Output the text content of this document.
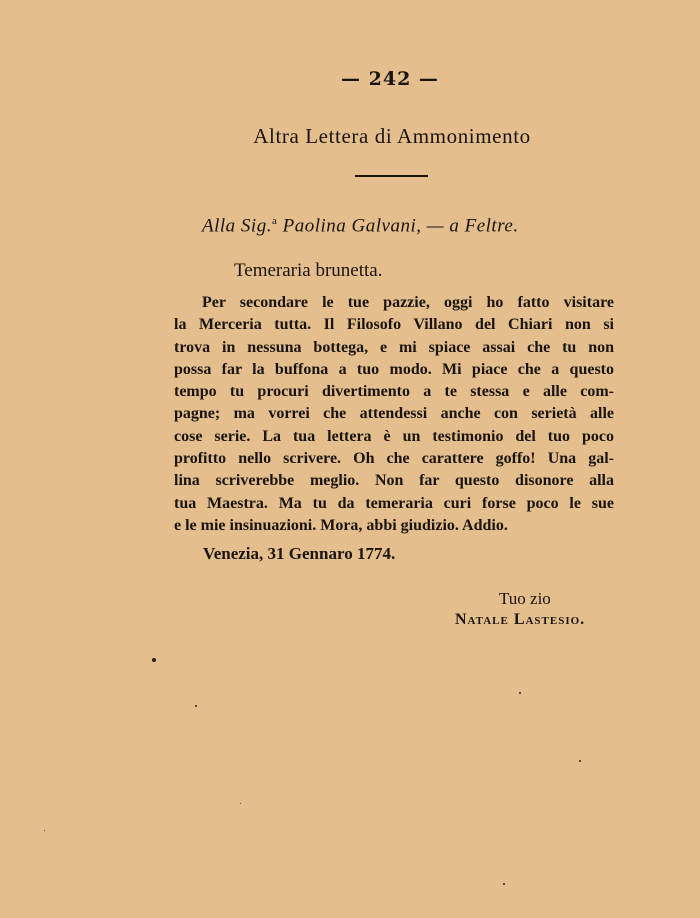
— 242 —
Altra Lettera di Ammonimento
Alla Sig.$^a$ Paolina Galvani, — a Feltre.
Temeraria brunetta.
Per secondare le tue pazzie, oggi ho fatto visitare
la Merceria tutta. Il Filosofo Villano del Chiari non si
trova in nessuna bottega, e mi spiace assai che tu non
possa far la buffona a tuo modo. Mi piace che a questo
tempo tu procuri divertimento a te stessa e alle com-
pagne; ma vorrei che attendessi anche con serietà alle
cose serie. La tua lettera è un testimonio del tuo poco
profitto nello scrivere. Oh che carattere goffo! Una gal-
lina scriverebbe meglio. Non far questo disonore alla
tua Maestra. Ma tu da temeraria curi forse poco le sue
e le mie insinuazioni. Mora, abbi giudizio. Addio.
Venezia, 31 Gennaro 1774.
Tuo zio
Natale Lastesio.
